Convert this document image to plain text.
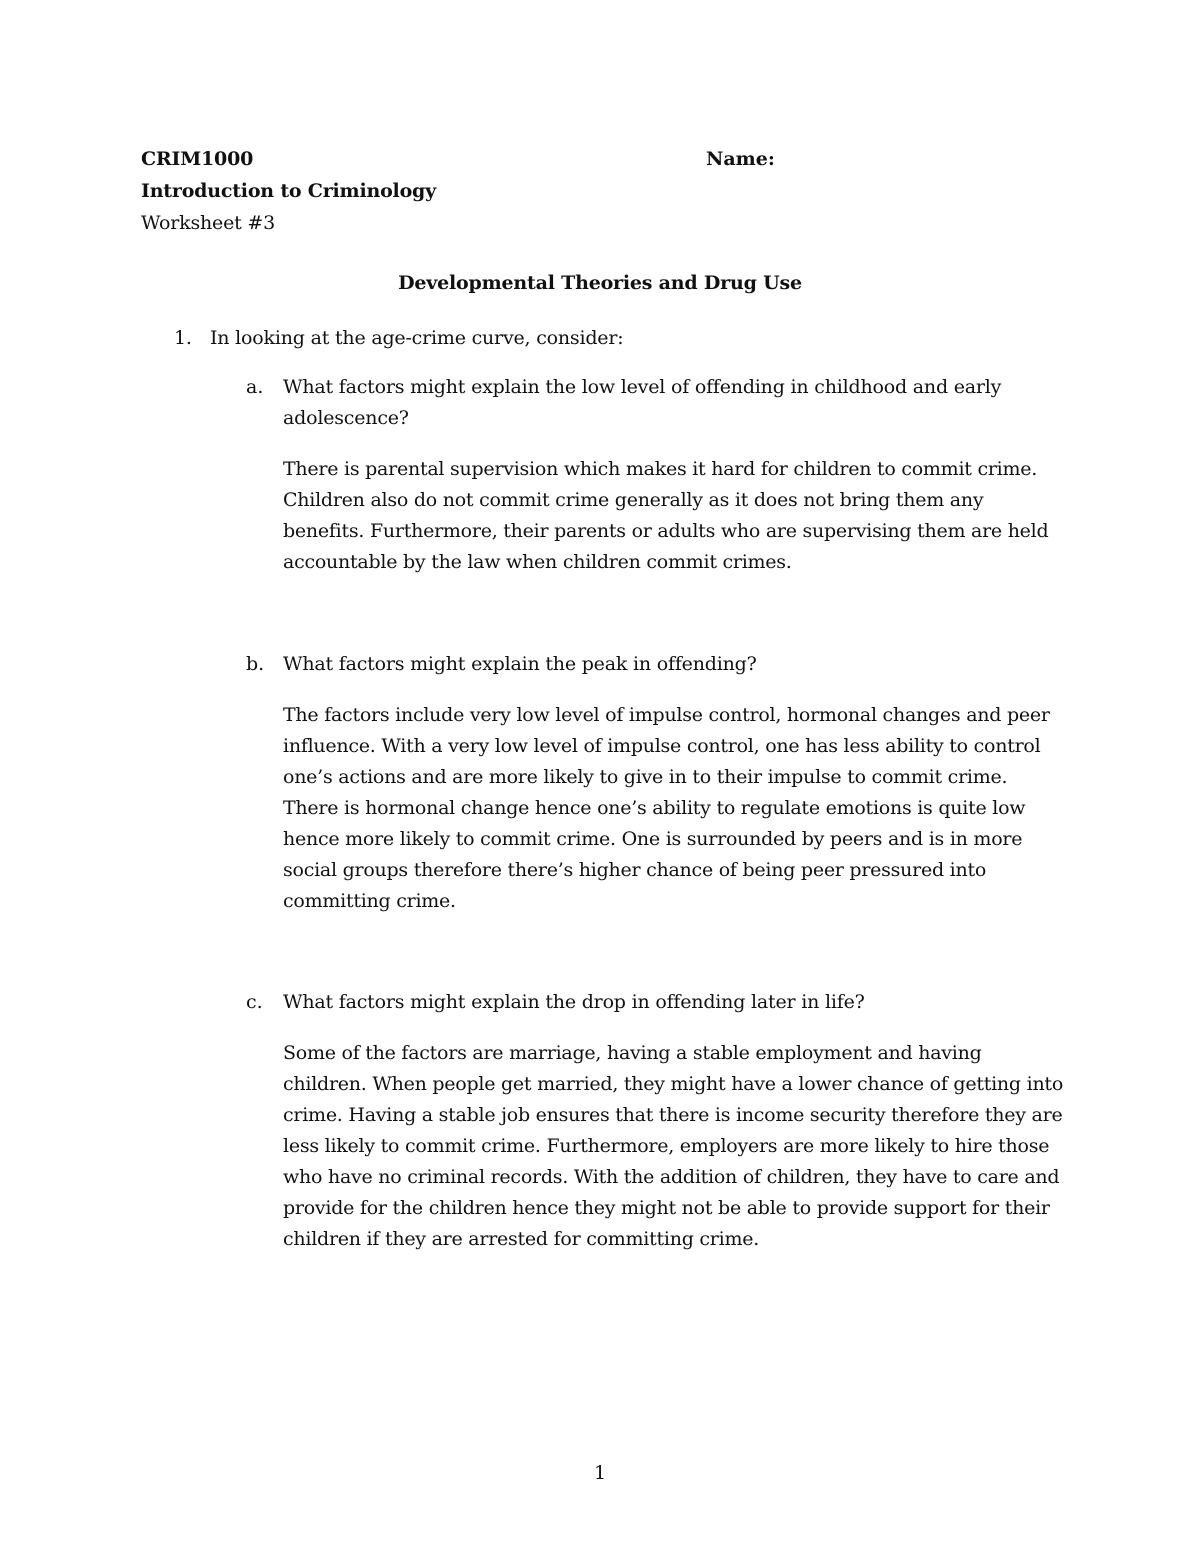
CRIM1000
Introduction to Criminology
Worksheet #3
Name:
Developmental Theories and Drug Use
1. In looking at the age-crime curve, consider:
a. What factors might explain the low level of offending in childhood and early
adolescence?
There is parental supervision which makes it hard for children to commit crime.
Children also do not commit crime generally as it does not bring them any
benefits. Furthermore, their parents or adults who are supervising them are held
accountable by the law when children commit crimes.
b. What factors might explain the peak in offending?
The factors include very low level of impulse control, hormonal changes and peer
influence. With a very low level of impulse control, one has less ability to control
one’s actions and are more likely to give in to their impulse to commit crime.
There is hormonal change hence one’s ability to regulate emotions is quite low
hence more likely to commit crime. One is surrounded by peers and is in more
social groups therefore there’s higher chance of being peer pressured into
committing crime.
c. What factors might explain the drop in offending later in life?
Some of the factors are marriage, having a stable employment and having
children. When people get married, they might have a lower chance of getting into
crime. Having a stable job ensures that there is income security therefore they are
less likely to commit crime. Furthermore, employers are more likely to hire those
who have no criminal records. With the addition of children, they have to care and
provide for the children hence they might not be able to provide support for their
children if they are arrested for committing crime.
1
